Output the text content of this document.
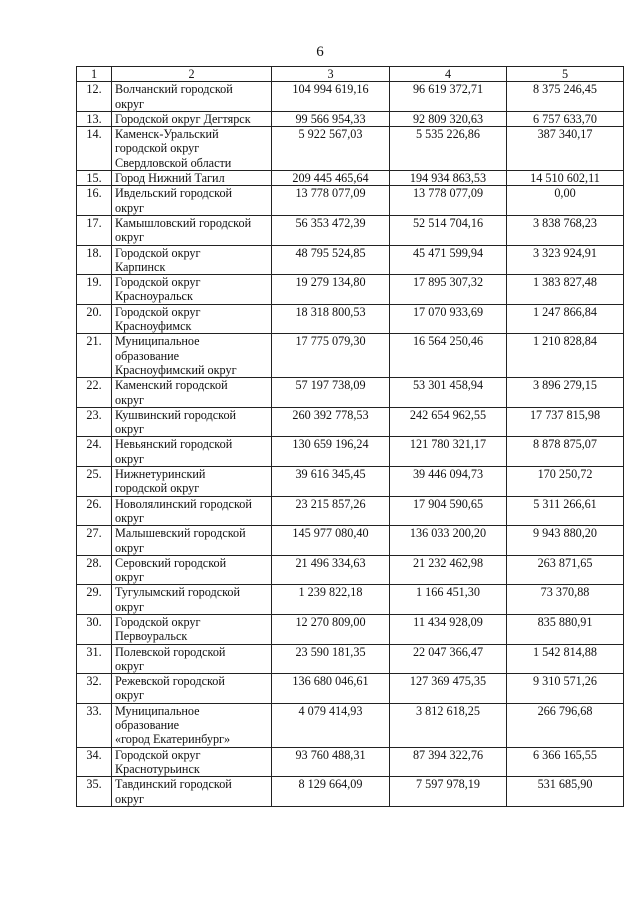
6
1	2	3	4	5
12.	Волчанский городской
округ	104 994 619,16	96 619 372,71	8 375 246,45
13.	Городской округ Дегтярск	99 566 954,33	92 809 320,63	6 757 633,70
14.	Каменск-Уральский
городской округ
Свердловской области	5 922 567,03	5 535 226,86	387 340,17
15.	Город Нижний Тагил	209 445 465,64	194 934 863,53	14 510 602,11
16.	Ивдельский городской
округ	13 778 077,09	13 778 077,09	0,00
17.	Камышловский городской
округ	56 353 472,39	52 514 704,16	3 838 768,23
18.	Городской округ
Карпинск	48 795 524,85	45 471 599,94	3 323 924,91
19.	Городской округ
Красноуральск	19 279 134,80	17 895 307,32	1 383 827,48
20.	Городской округ
Красноуфимск	18 318 800,53	17 070 933,69	1 247 866,84
21.	Муниципальное
образование
Красноуфимский округ	17 775 079,30	16 564 250,46	1 210 828,84
22.	Каменский городской
округ	57 197 738,09	53 301 458,94	3 896 279,15
23.	Кушвинский городской
округ	260 392 778,53	242 654 962,55	17 737 815,98
24.	Невьянский городской
округ	130 659 196,24	121 780 321,17	8 878 875,07
25.	Нижнетуринский
городской округ	39 616 345,45	39 446 094,73	170 250,72
26.	Новолялинский городской
округ	23 215 857,26	17 904 590,65	5 311 266,61
27.	Малышевский городской
округ	145 977 080,40	136 033 200,20	9 943 880,20
28.	Серовский городской
округ	21 496 334,63	21 232 462,98	263 871,65
29.	Тугулымский городской
округ	1 239 822,18	1 166 451,30	73 370,88
30.	Городской округ
Первоуральск	12 270 809,00	11 434 928,09	835 880,91
31.	Полевской городской
округ	23 590 181,35	22 047 366,47	1 542 814,88
32.	Режевской городской
округ	136 680 046,61	127 369 475,35	9 310 571,26
33.	Муниципальное
образование
«город Екатеринбург»	4 079 414,93	3 812 618,25	266 796,68
34.	Городской округ
Краснотурьинск	93 760 488,31	87 394 322,76	6 366 165,55
35.	Тавдинский городской
округ	8 129 664,09	7 597 978,19	531 685,90
